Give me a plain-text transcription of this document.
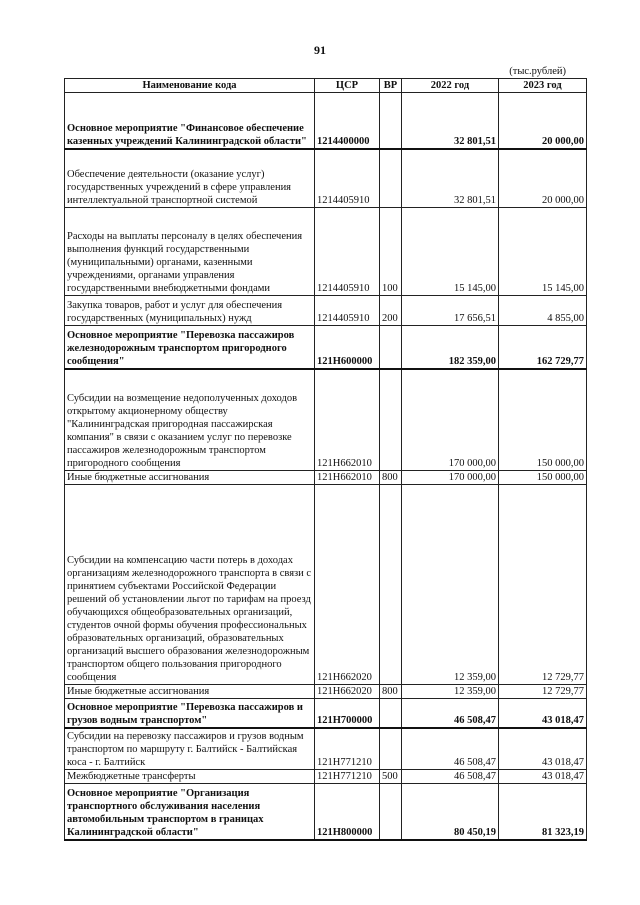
91
(тыс.рублей)
Наименование кода	ЦСР	ВР	2022 год	2023 год
Основное мероприятие "Финансовое обеспечение казенных учреждений Калининградской области"	1214400000		32 801,51	20 000,00
Обеспечение деятельности (оказание услуг) государственных учреждений в сфере управления интеллектуальной транспортной системой	1214405910		32 801,51	20 000,00
Расходы на выплаты персоналу в целях обеспечения выполнения функций государственными (муниципальными) органами, казенными учреждениями, органами управления государственными внебюджетными фондами	1214405910	100	15 145,00	15 145,00
Закупка товаров, работ и услуг для обеспечения государственных (муниципальных) нужд	1214405910	200	17 656,51	4 855,00
Основное мероприятие "Перевозка пассажиров железнодорожным транспортом пригородного сообщения"	121H600000		182 359,00	162 729,77
Субсидии на возмещение недополученных доходов открытому акционерному обществу "Калининградская пригородная пассажирская компания" в связи с оказанием услуг по перевозке пассажиров железнодорожным транспортом пригородного сообщения	121H662010		170 000,00	150 000,00
Иные бюджетные ассигнования	121H662010	800	170 000,00	150 000,00
Субсидии на компенсацию части потерь в доходах организациям железнодорожного транспорта в связи с принятием субъектами Российской Федерации решений об установлении льгот по тарифам на проезд обучающихся общеобразовательных организаций, студентов очной формы обучения профессиональных образовательных организаций, образовательных организаций высшего образования железнодорожным транспортом общего пользования пригородного сообщения	121H662020		12 359,00	12 729,77
Иные бюджетные ассигнования	121H662020	800	12 359,00	12 729,77
Основное мероприятие "Перевозка пассажиров и грузов водным транспортом"	121H700000		46 508,47	43 018,47
Субсидии на перевозку пассажиров и грузов водным транспортом по маршруту г. Балтийск - Балтийская коса - г. Балтийск	121H771210		46 508,47	43 018,47
Межбюджетные трансферты	121H771210	500	46 508,47	43 018,47
Основное мероприятие "Организация транспортного обслуживания населения автомобильным транспортом в границах Калининградской области"	121H800000		80 450,19	81 323,19
